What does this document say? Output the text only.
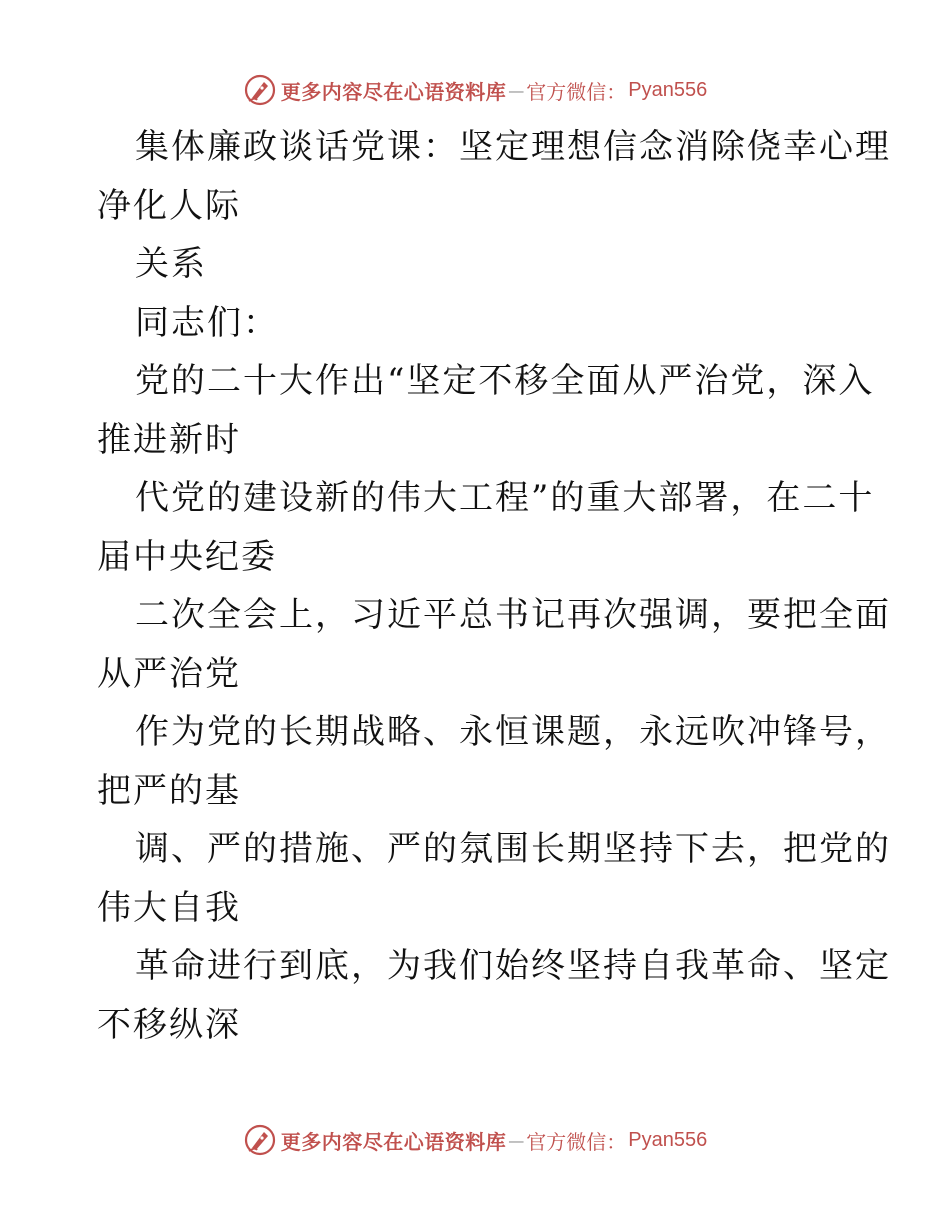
更多内容尽在心语资料库 — 官方微信： Pyan556
集体廉政谈话党课：坚定理想信念消除侥幸心理
净化人际
关系
同志们：
党的二十大作出“坚定不移全面从严治党，深入
推进新时
代党的建设新的伟大工程”的重大部署，在二十
届中央纪委
二次全会上，习近平总书记再次强调，要把全面
从严治党
作为党的长期战略、永恒课题，永远吹冲锋号，
把严的基
调、严的措施、严的氛围长期坚持下去，把党的
伟大自我
革命进行到底，为我们始终坚持自我革命、坚定
不移纵深
更多内容尽在心语资料库 — 官方微信： Pyan556
